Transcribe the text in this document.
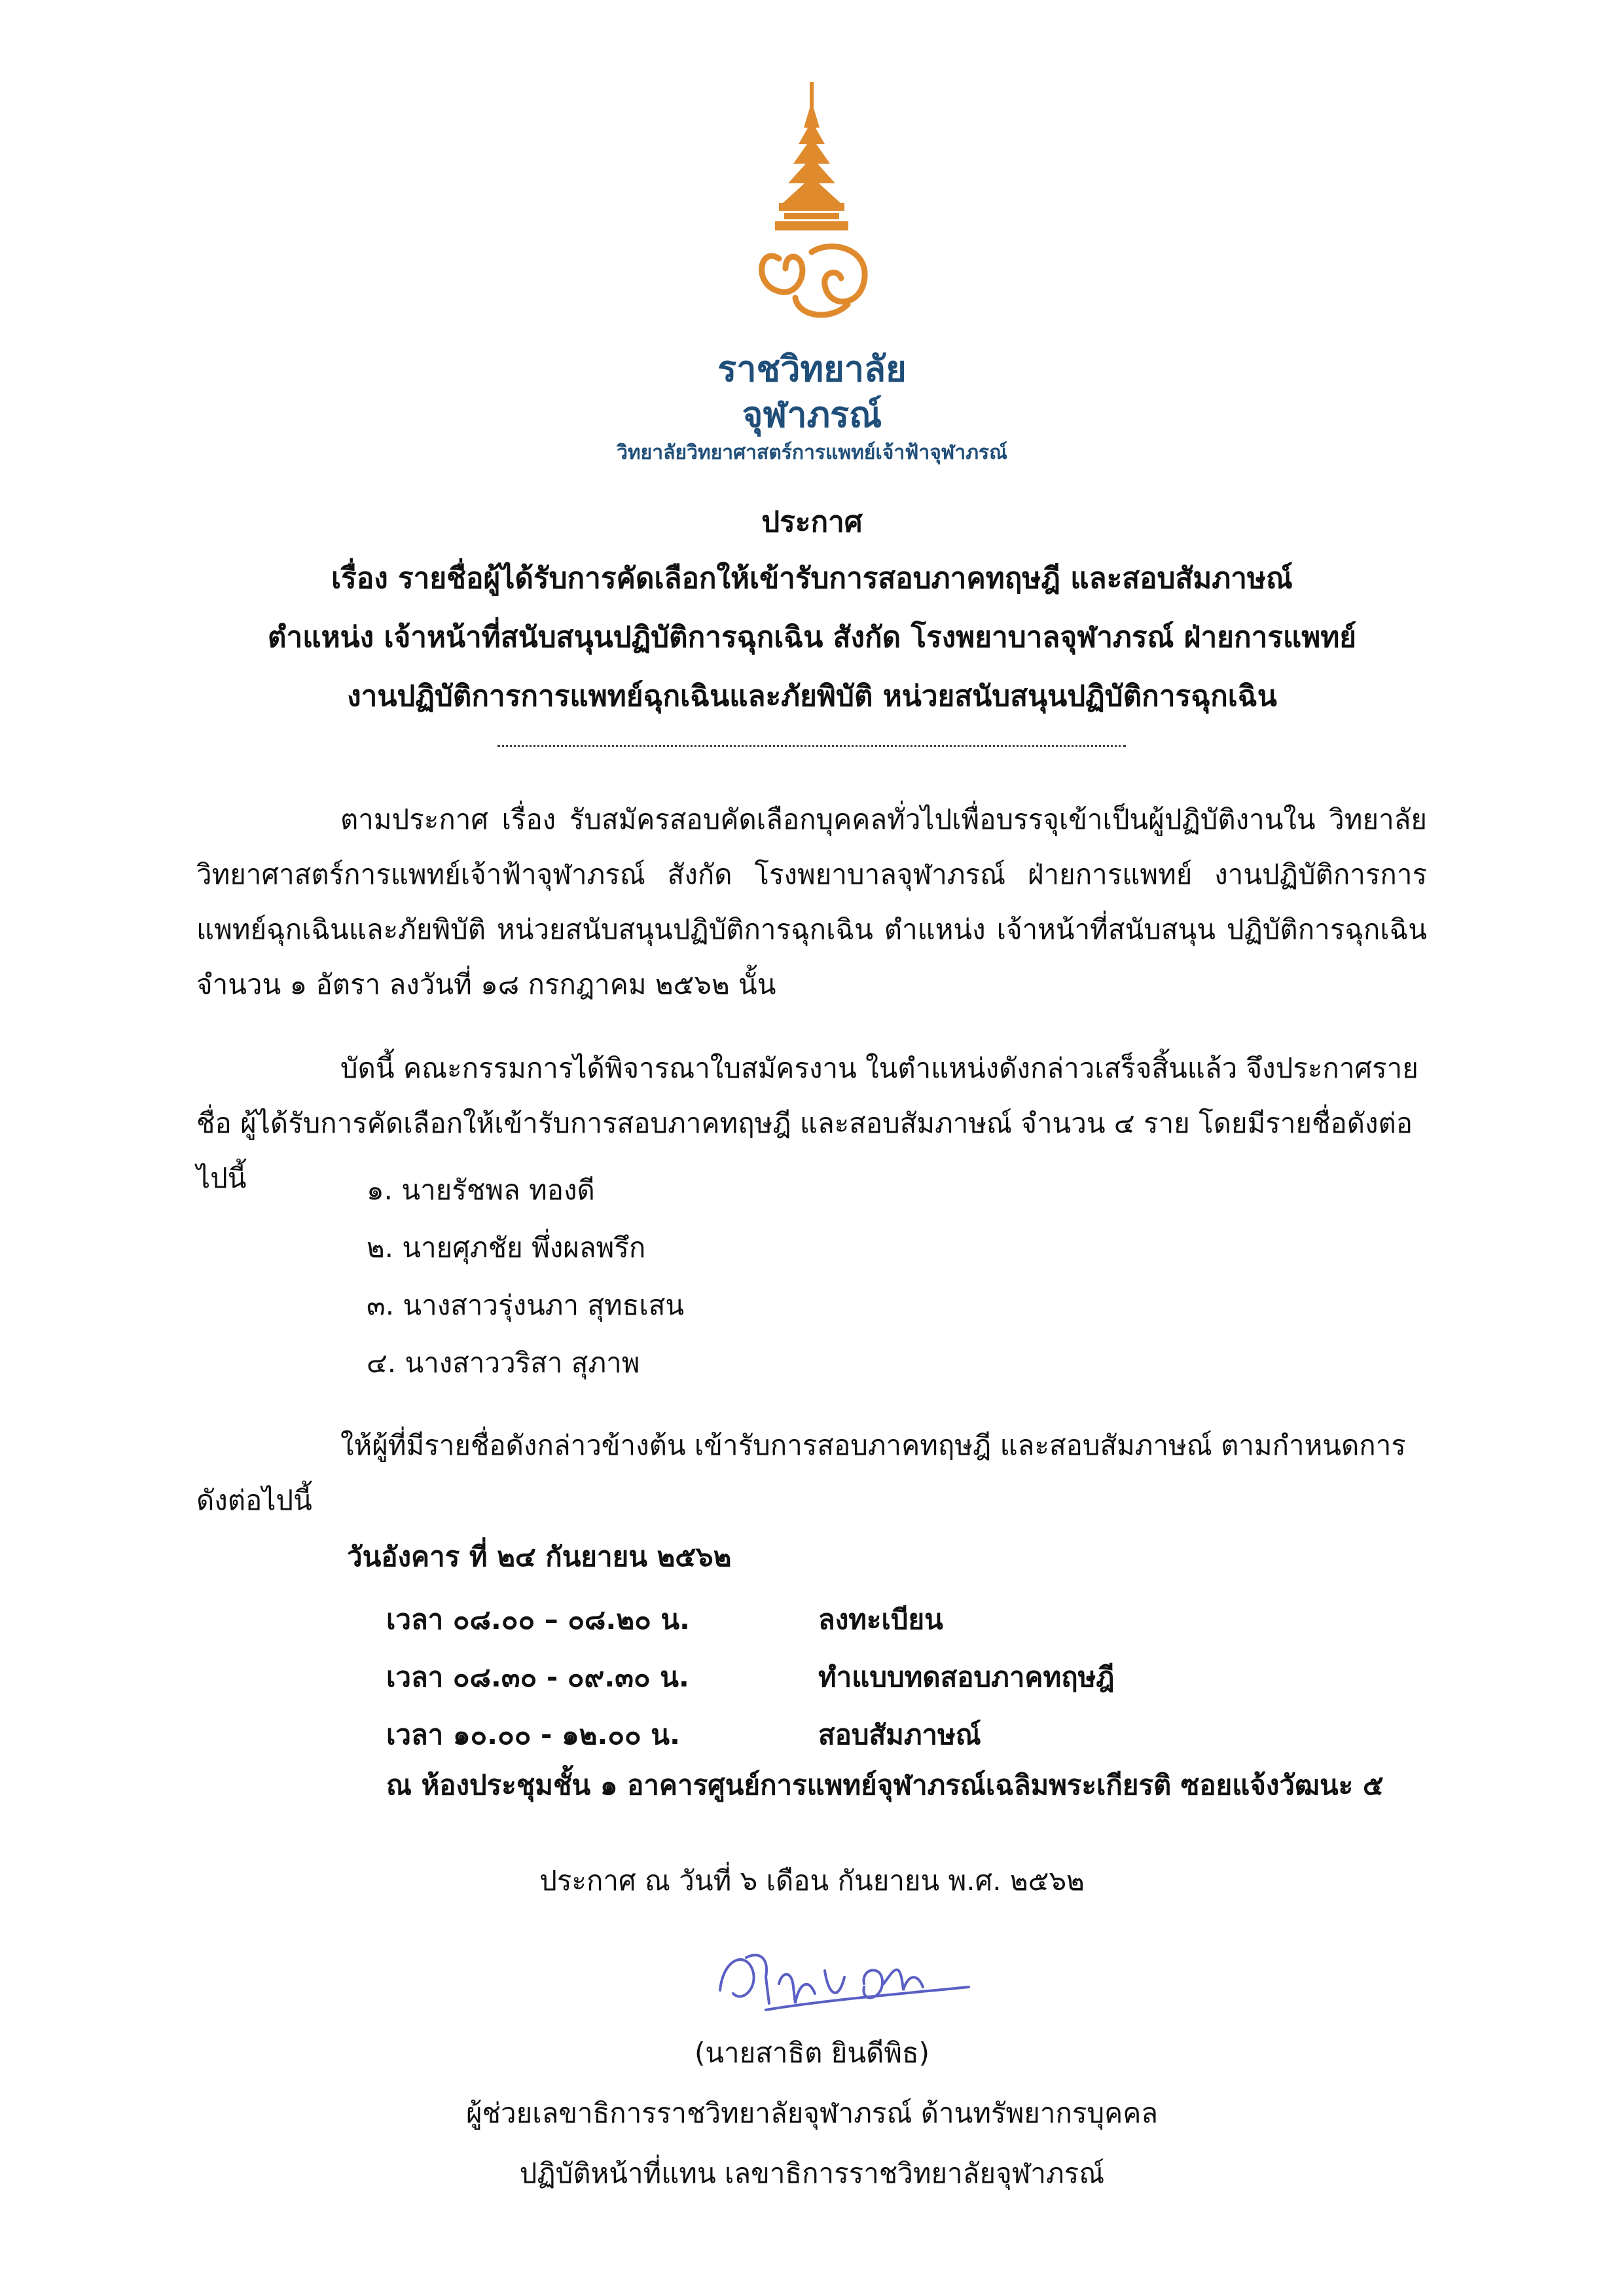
ราชวิทยาลัย
จุฬาภรณ์
วิทยาลัยวิทยาศาสตร์การแพทย์เจ้าฟ้าจุฬาภรณ์
ประกาศ
เรื่อง รายชื่อผู้ได้รับการคัดเลือกให้เข้ารับการสอบภาคทฤษฎี และสอบสัมภาษณ์
ตำแหน่ง เจ้าหน้าที่สนับสนุนปฏิบัติการฉุกเฉิน สังกัด โรงพยาบาลจุฬาภรณ์ ฝ่ายการแพทย์
งานปฏิบัติการการแพทย์ฉุกเฉินและภัยพิบัติ หน่วยสนับสนุนปฏิบัติการฉุกเฉิน
ตามประกาศ เรื่อง รับสมัครสอบคัดเลือกบุคคลทั่วไปเพื่อบรรจุเข้าเป็นผู้ปฏิบัติงานใน วิทยาลัยวิทยาศาสตร์การแพทย์เจ้าฟ้าจุฬาภรณ์ สังกัด โรงพยาบาลจุฬาภรณ์ ฝ่ายการแพทย์ งานปฏิบัติการการแพทย์ฉุกเฉินและภัยพิบัติ หน่วยสนับสนุนปฏิบัติการฉุกเฉิน ตำแหน่ง เจ้าหน้าที่สนับสนุน ปฏิบัติการฉุกเฉิน จำนวน ๑ อัตรา ลงวันที่ ๑๘ กรกฎาคม ๒๕๖๒ นั้น
บัดนี้ คณะกรรมการได้พิจารณาใบสมัครงาน ในตำแหน่งดังกล่าวเสร็จสิ้นแล้ว จึงประกาศรายชื่อ ผู้ได้รับการคัดเลือกให้เข้ารับการสอบภาคทฤษฎี และสอบสัมภาษณ์ จำนวน ๔ ราย โดยมีรายชื่อดังต่อไปนี้	๑. นายรัชพล ทองดี
๒. นายศุภชัย พึ่งผลพรึก
๓. นางสาวรุ่งนภา สุทธเสน
๔. นางสาววริสา สุภาพ
ให้ผู้ที่มีรายชื่อดังกล่าวข้างต้น เข้ารับการสอบภาคทฤษฎี และสอบสัมภาษณ์ ตามกำหนดการดังต่อไปนี้
วันอังคาร ที่ ๒๔ กันยายน ๒๕๖๒
เวลา ๐๘.๐๐ – ๐๘.๒๐ น.	ลงทะเบียน
เวลา ๐๘.๓๐ - ๐๙.๓๐ น.	ทำแบบทดสอบภาคทฤษฎี
เวลา ๑๐.๐๐ - ๑๒.๐๐ น.	สอบสัมภาษณ์
ณ ห้องประชุมชั้น ๑ อาคารศูนย์การแพทย์จุฬาภรณ์เฉลิมพระเกียรติ ซอยแจ้งวัฒนะ ๕
ประกาศ ณ วันที่ ๖ เดือน กันยายน พ.ศ. ๒๕๖๒
(นายสาธิต ยินดีพิธ)
ผู้ช่วยเลขาธิการราชวิทยาลัยจุฬาภรณ์ ด้านทรัพยากรบุคคล
ปฏิบัติหน้าที่แทน เลขาธิการราชวิทยาลัยจุฬาภรณ์
